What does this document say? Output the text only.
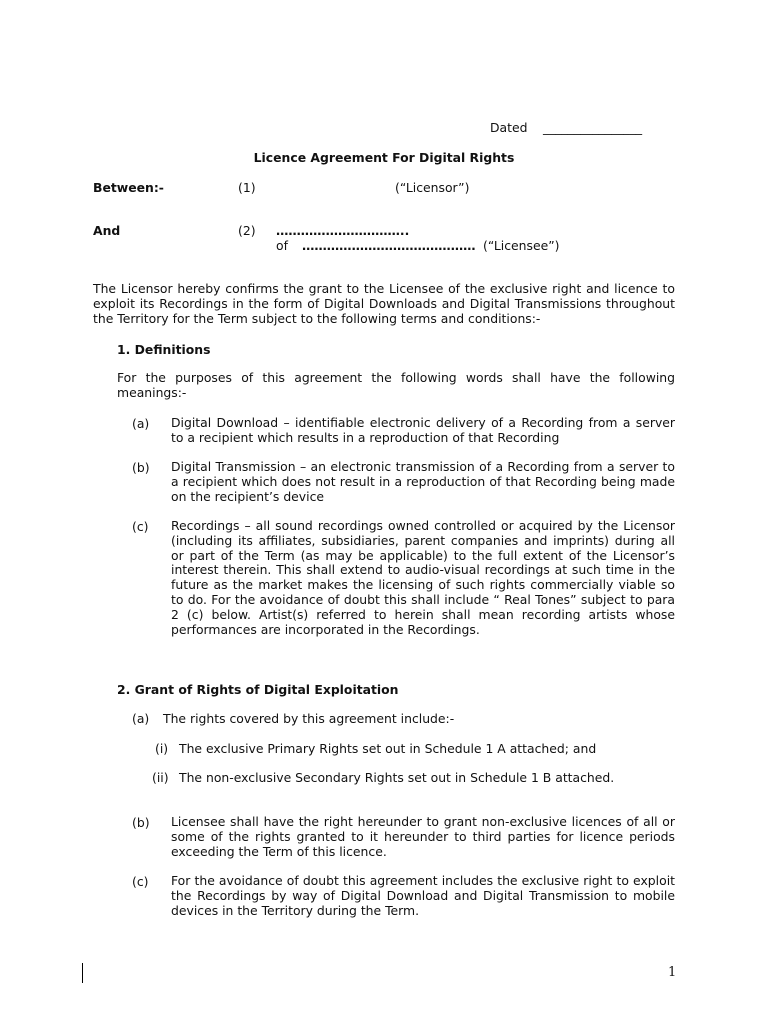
Dated ________________
Licence Agreement For Digital Rights
Between:-	(1)	(“Licensor”)
And	(2) …………………………..
of …………………………………… (“Licensee”)
The Licensor hereby confirms the grant to the Licensee of the exclusive right and licence to exploit its Recordings in the form of Digital Downloads and Digital Transmissions throughout the Territory for the Term subject to the following terms and conditions:-
1. Definitions
For the purposes of this agreement the following words shall have the following meanings:-
(a) Digital Download – identifiable electronic delivery of a Recording from a server to a recipient which results in a reproduction of that Recording
(b) Digital Transmission – an electronic transmission of a Recording from a server to a recipient which does not result in a reproduction of that Recording being made on the recipient’s device
(c) Recordings – all sound recordings owned controlled or acquired by the Licensor (including its affiliates, subsidiaries, parent companies and imprints) during all or part of the Term (as may be applicable) to the full extent of the Licensor’s interest therein. This shall extend to audio-visual recordings at such time in the future as the market makes the licensing of such rights commercially viable so to do. For the avoidance of doubt this shall include “ Real Tones” subject to para 2 (c) below. Artist(s) referred to herein shall mean recording artists whose performances are incorporated in the Recordings.
2. Grant of Rights of Digital Exploitation
(a) The rights covered by this agreement include:-
(i) The exclusive Primary Rights set out in Schedule 1 A attached; and
(ii) The non-exclusive Secondary Rights set out in Schedule 1 B attached.
(b) Licensee shall have the right hereunder to grant non-exclusive licences of all or some of the rights granted to it hereunder to third parties for licence periods exceeding the Term of this licence.
(c) For the avoidance of doubt this agreement includes the exclusive right to exploit the Recordings by way of Digital Download and Digital Transmission to mobile devices in the Territory during the Term.
1
